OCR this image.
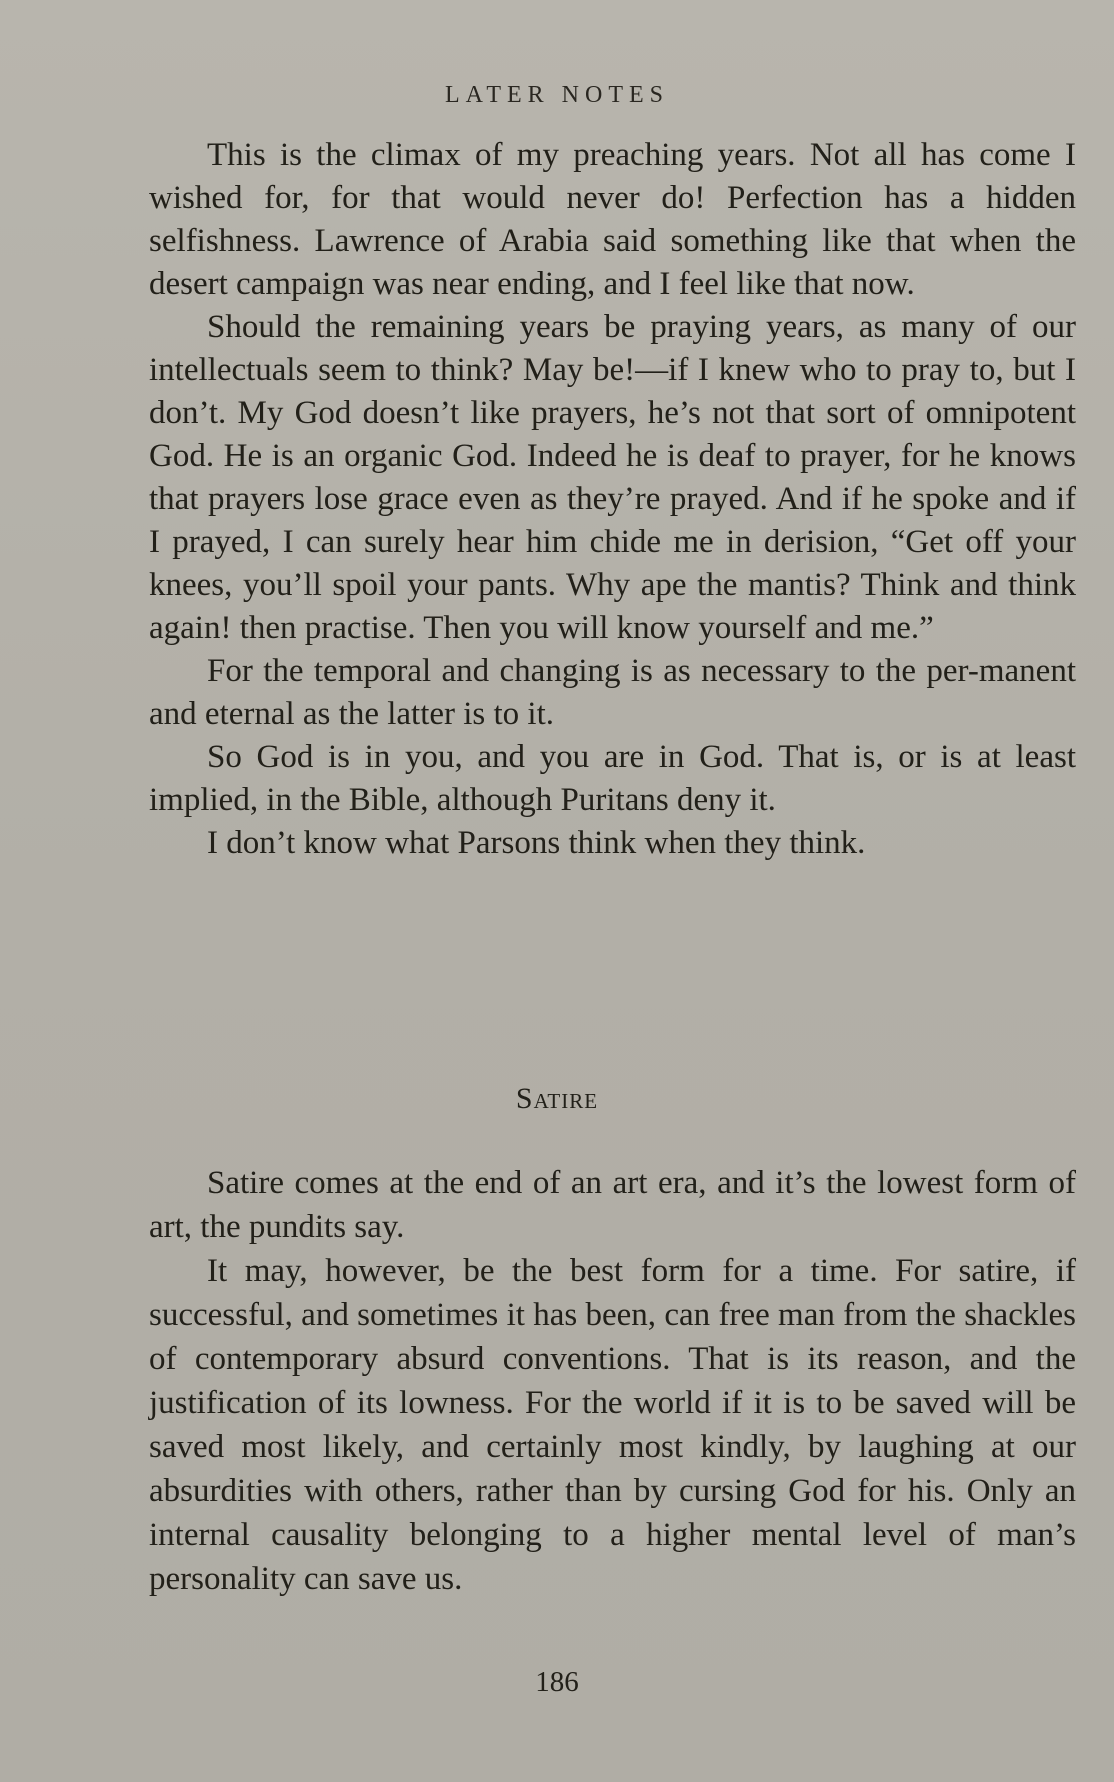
LATER NOTES

This is the climax of my preaching years. Not all has come I wished for, for that would never do! Perfection has a hidden selfishness. Lawrence of Arabia said something like that when the desert campaign was near ending, and I feel like that now.

Should the remaining years be praying years, as many of our intellectuals seem to think? May be!—if I knew who to pray to, but I don’t. My God doesn’t like prayers, he’s not that sort of omnipotent God. He is an organic God. Indeed he is deaf to prayer, for he knows that prayers lose grace even as they’re prayed. And if he spoke and if I prayed, I can surely hear him chide me in derision, “Get off your knees, you’ll spoil your pants. Why ape the mantis? Think and think again! then practise. Then you will know yourself and me.”

For the temporal and changing is as necessary to the per-manent and eternal as the latter is to it.

So God is in you, and you are in God. That is, or is at least implied, in the Bible, although Puritans deny it.

I don’t know what Parsons think when they think.

Satire

Satire comes at the end of an art era, and it’s the lowest form of art, the pundits say.

It may, however, be the best form for a time. For satire, if successful, and sometimes it has been, can free man from the shackles of contemporary absurd conventions. That is its reason, and the justification of its lowness. For the world if it is to be saved will be saved most likely, and certainly most kindly, by laughing at our absurdities with others, rather than by cursing God for his. Only an internal causality belonging to a higher mental level of man’s personality can save us.

186
